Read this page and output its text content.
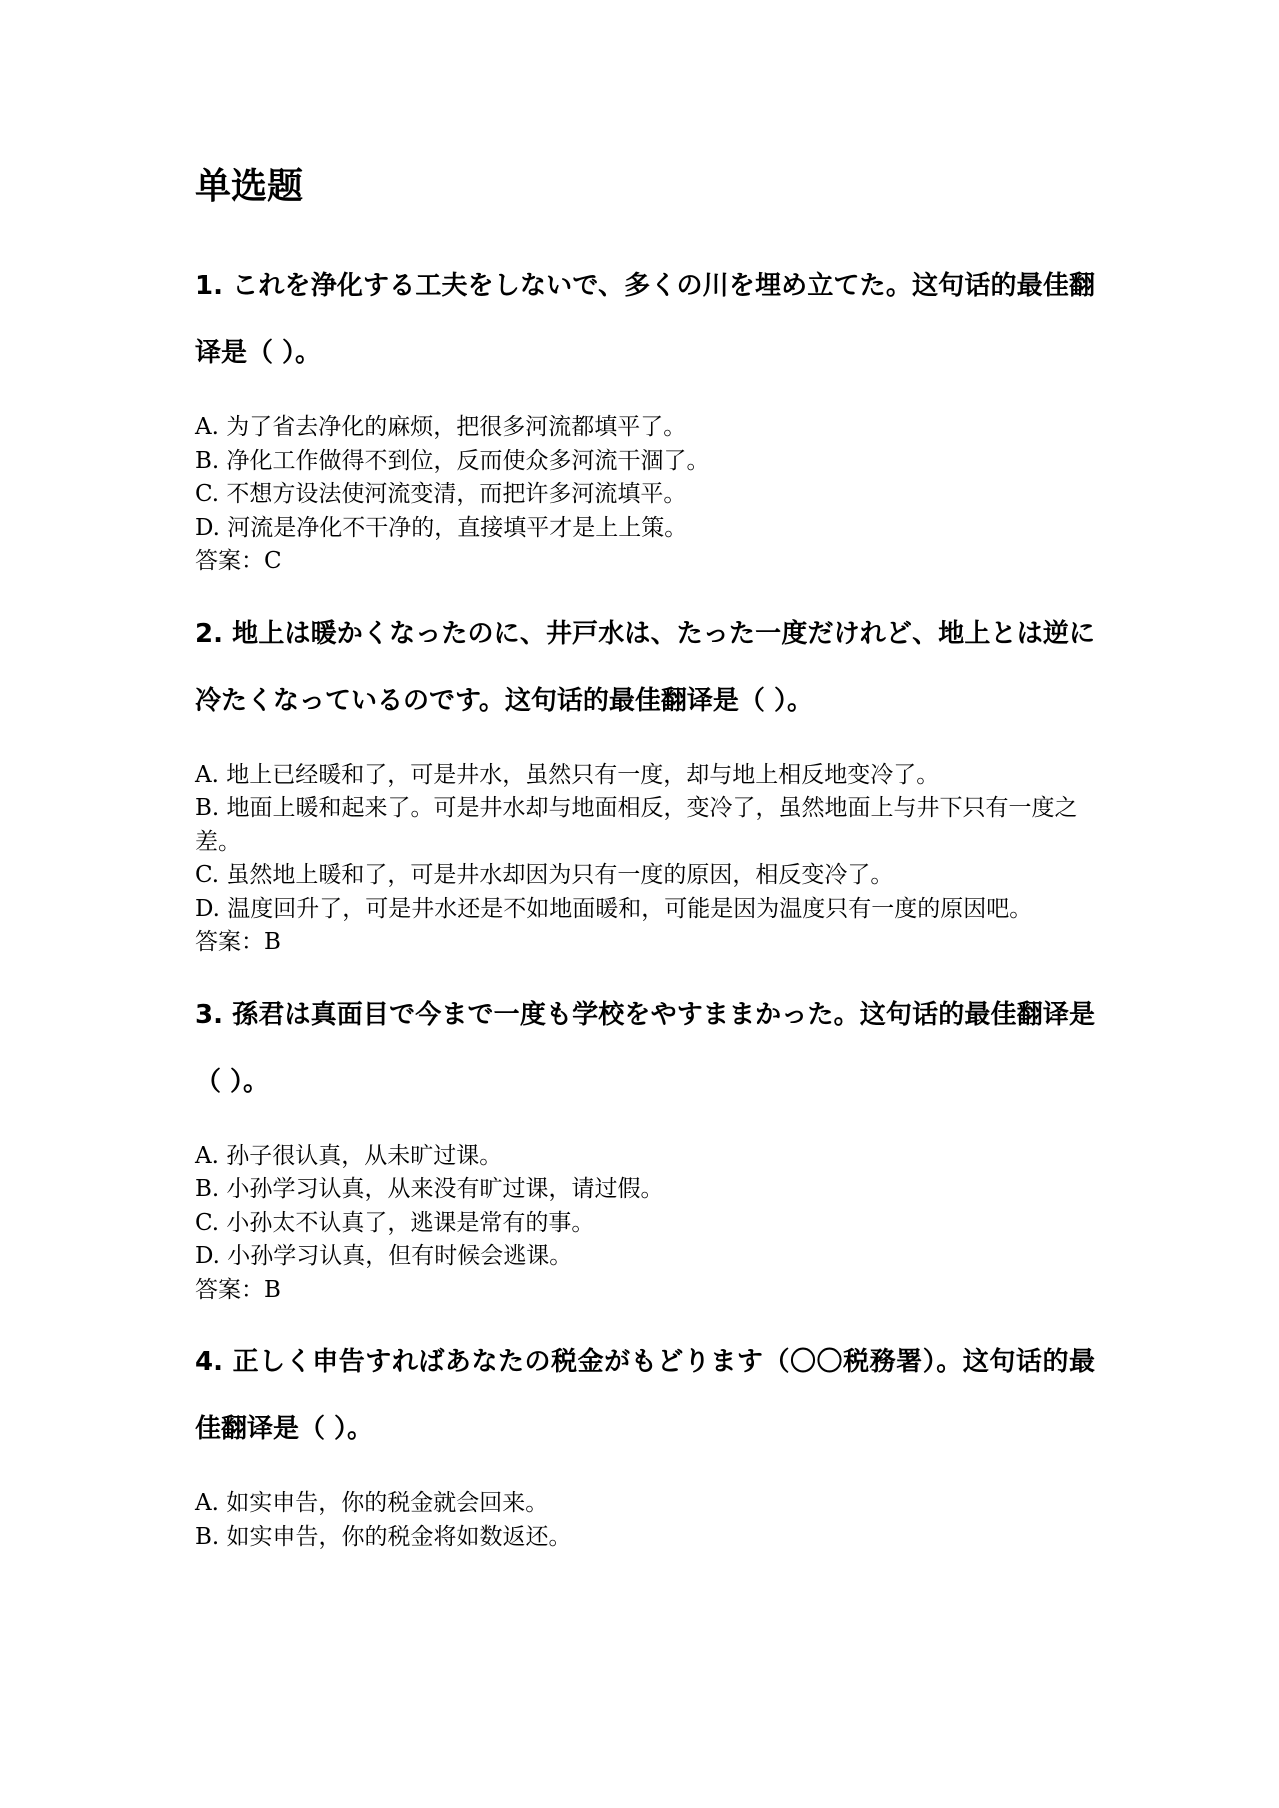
单选题
1. これを浄化する工夫をしないで、多くの川を埋め立てた。这句话的最佳翻译是（ ）。
A. 为了省去净化的麻烦，把很多河流都填平了。
B. 净化工作做得不到位，反而使众多河流干涸了。
C. 不想方设法使河流变清，而把许多河流填平。
D. 河流是净化不干净的，直接填平才是上上策。
答案：C
2. 地上は暖かくなったのに、井戸水は、たった一度だけれど、地上とは逆に冷たくなっているのです。这句话的最佳翻译是（ ）。
A. 地上已经暖和了，可是井水，虽然只有一度，却与地上相反地变冷了。
B. 地面上暖和起来了。可是井水却与地面相反，变冷了，虽然地面上与井下只有一度之差。
C. 虽然地上暖和了，可是井水却因为只有一度的原因，相反变冷了。
D. 温度回升了，可是井水还是不如地面暖和，可能是因为温度只有一度的原因吧。
答案：B
3. 孫君は真面目で今まで一度も学校をやすままかった。这句话的最佳翻译是（ ）。
A. 孙子很认真，从未旷过课。
B. 小孙学习认真，从来没有旷过课，请过假。
C. 小孙太不认真了，逃课是常有的事。
D. 小孙学习认真，但有时候会逃课。
答案：B
4. 正しく申告すればあなたの税金がもどります（〇〇税務署）。这句话的最佳翻译是（ ）。
A. 如实申告，你的税金就会回来。
B. 如实申告，你的税金将如数返还。
